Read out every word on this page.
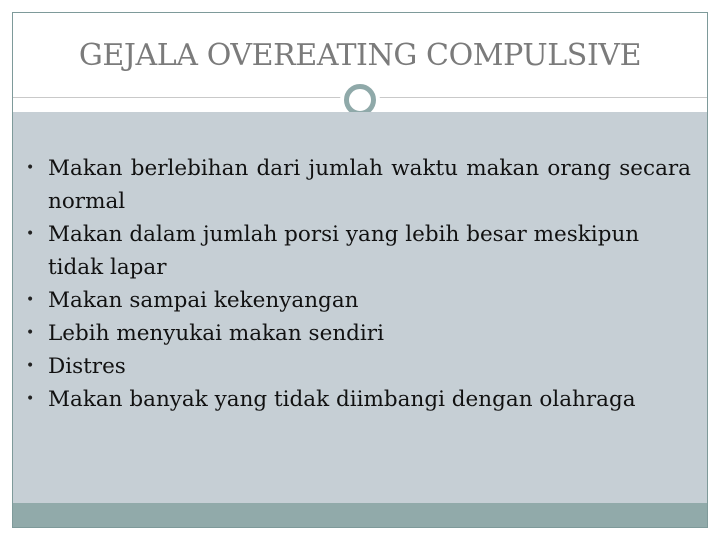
GEJALA OVEREATING COMPULSIVE
• Makan berlebihan dari jumlah waktu makan orang secara normal
• Makan dalam jumlah porsi yang lebih besar meskipun tidak lapar
• Makan sampai kekenyangan
• Lebih menyukai makan sendiri
• Distres
• Makan banyak yang tidak diimbangi dengan olahraga
